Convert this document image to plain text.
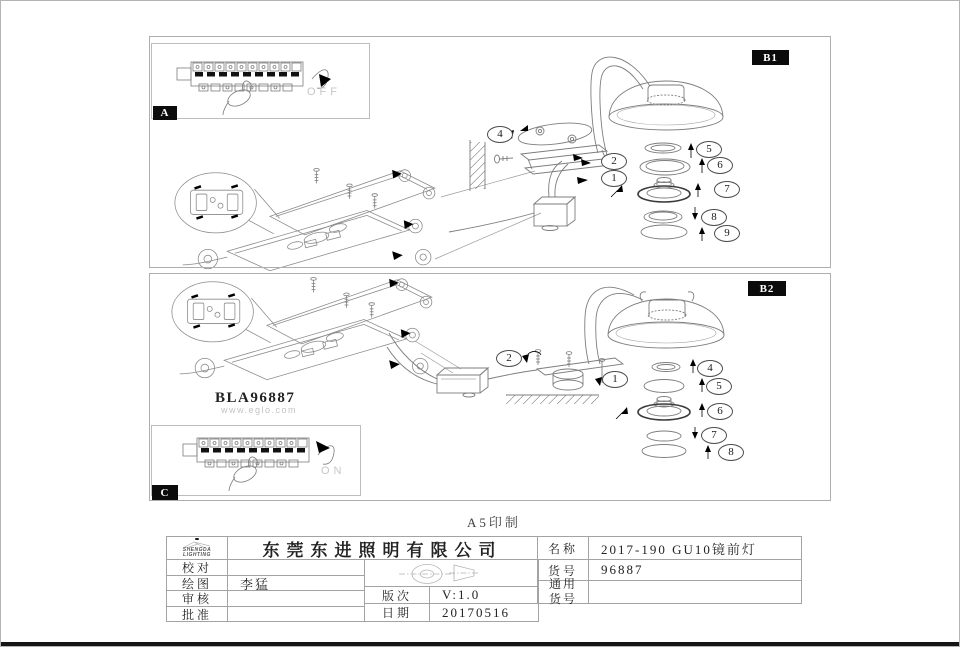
A
B1
B2
C
OFF
ON
BLA96887
www.eglo.com
4
2
1
5
6
7
8
9
2
1
4
5
6
7
8
A5印制
SHENGDA
LIGHTING	东莞东进照明有限公司	名称	2017-190 GU10镜前灯
校对
绘图	李猛
审核
批准
版次	V:1.0
日期	20170516
货号	96887
通用货号
